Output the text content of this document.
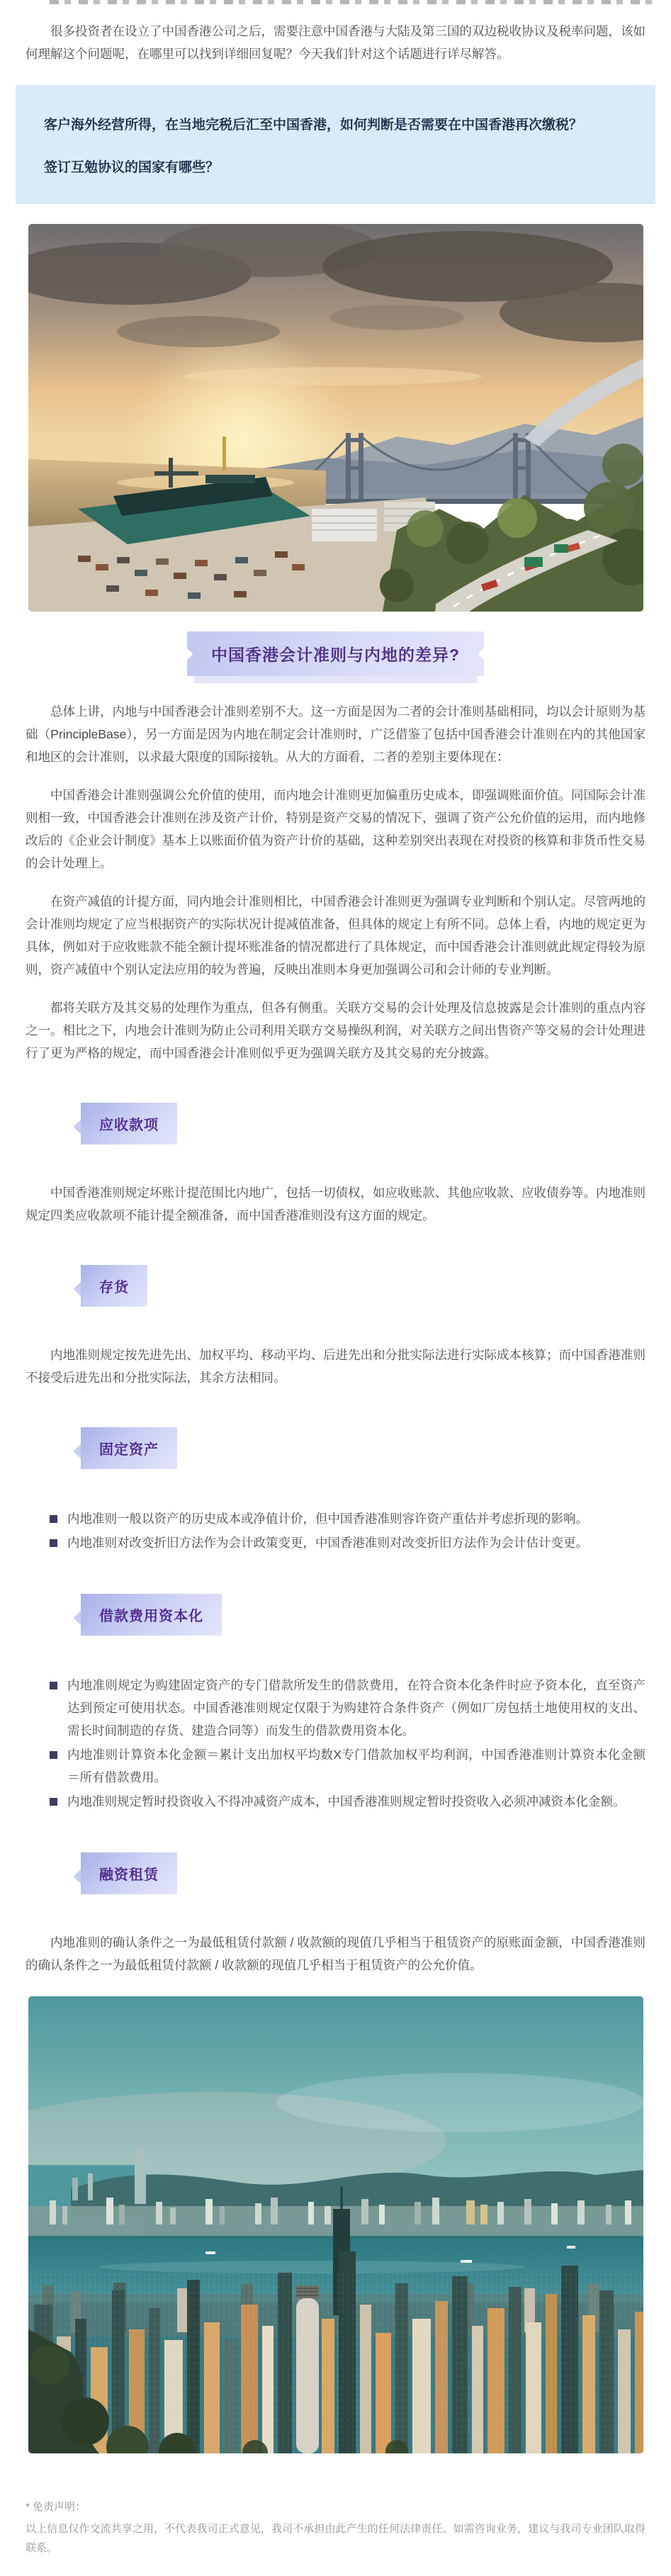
很多投资者在设立了中国香港公司之后，需要注意中国香港与大陆及第三国的双边税收协议及税率问题，该如何理解这个问题呢，在哪里可以找到详细回复呢？今天我们针对这个话题进行详尽解答。

客户海外经营所得，在当地完税后汇至中国香港，如何判断是否需要在中国香港再次缴税？

签订互勉协议的国家有哪些？

中国香港会计准则与内地的差异?

总体上讲，内地与中国香港会计准则差别不大。这一方面是因为二者的会计准则基础相同，均以会计原则为基础（PrincipleBase），另一方面是因为内地在制定会计准则时，广泛借鉴了包括中国香港会计准则在内的其他国家和地区的会计准则，以求最大限度的国际接轨。从大的方面看，二者的差别主要体现在：

中国香港会计准则强调公允价值的使用，而内地会计准则更加偏重历史成本，即强调账面价值。同国际会计准则相一致，中国香港会计准则在涉及资产计价，特别是资产交易的情况下，强调了资产公允价值的运用，而内地修改后的《企业会计制度》基本上以账面价值为资产计价的基础，这种差别突出表现在对投资的核算和非货币性交易的会计处理上。

在资产减值的计提方面，同内地会计准则相比，中国香港会计准则更为强调专业判断和个别认定。尽管两地的会计准则均规定了应当根据资产的实际状况计提减值准备，但具体的规定上有所不同。总体上看，内地的规定更为具体，例如对于应收账款不能全额计提坏账准备的情况都进行了具体规定，而中国香港会计准则就此规定得较为原则，资产减值中个别认定法应用的较为普遍，反映出准则本身更加强调公司和会计师的专业判断。

都将关联方及其交易的处理作为重点，但各有侧重。关联方交易的会计处理及信息披露是会计准则的重点内容之一。相比之下，内地会计准则为防止公司利用关联方交易操纵利润，对关联方之间出售资产等交易的会计处理进行了更为严格的规定，而中国香港会计准则似乎更为强调关联方及其交易的充分披露。

应收款项

中国香港准则规定坏账计提范围比内地广，包括一切债权，如应收账款、其他应收款、应收债券等。内地准则规定四类应收款项不能计提全额准备，而中国香港准则没有这方面的规定。

存货

内地准则规定按先进先出、加权平均、移动平均、后进先出和分批实际法进行实际成本核算；而中国香港准则不接受后进先出和分批实际法，其余方法相同。

固定资产
内地准则一般以资产的历史成本或净值计价，但中国香港准则容许资产重估并考虑折现的影响。
内地准则对改变折旧方法作为会计政策变更，中国香港准则对改变折旧方法作为会计估计变更。
借款费用资本化
内地准则规定为购建固定资产的专门借款所发生的借款费用，在符合资本化条件时应予资本化，直至资产达到预定可使用状态。中国香港准则规定仅限于为购建符合条件资产（例如厂房包括土地使用权的支出、需长时间制造的存货、建造合同等）而发生的借款费用资本化。
内地准则计算资本化金额＝累计支出加权平均数X专门借款加权平均利润，中国香港准则计算资本化金额＝所有借款费用。
内地准则规定暂时投资收入不得冲减资产成本，中国香港准则规定暂时投资收入必须冲减资本化金额。
融资租赁

内地准则的确认条件之一为最低租赁付款额 / 收款额的现值几乎相当于租赁资产的原账面金额，中国香港准则的确认条件之一为最低租赁付款额 / 收款额的现值几乎相当于租赁资产的公允价值。

* 免责声明：

以上信息仅作交流共享之用，不代表我司正式意见，我司不承担由此产生的任何法律责任。如需咨询业务，建议与我司专业团队取得联系。
